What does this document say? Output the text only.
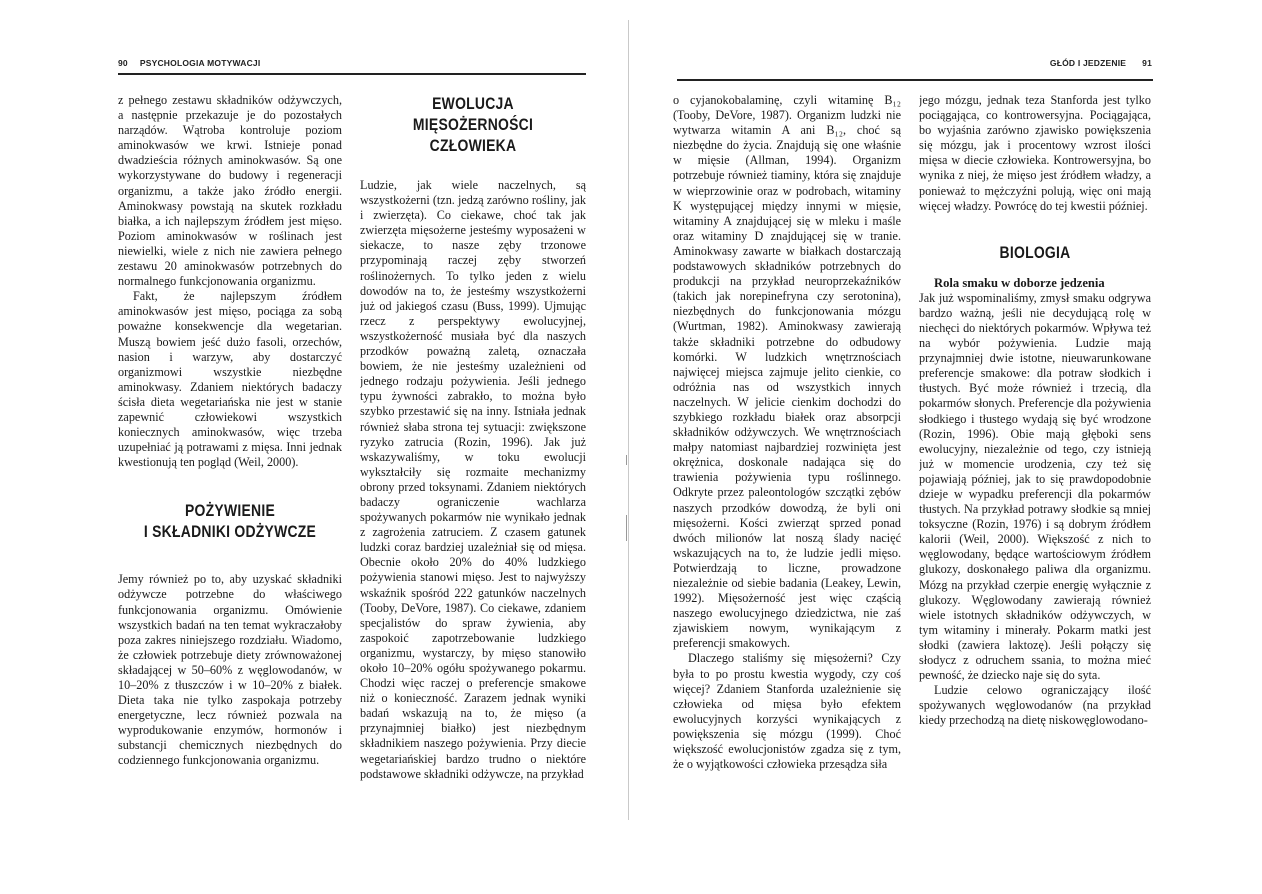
90 PSYCHOLOGIA MOTYWACJI

z pełnego zestawu składników odżywczych, a następnie przekazuje je do pozostałych narządów. Wątroba kontroluje poziom aminokwasów we krwi. Istnieje ponad dwadzieścia różnych aminokwasów. Są one wykorzystywane do budowy i regeneracji organizmu, a także jako źródło energii. Aminokwasy powstają na skutek rozkładu białka, a ich najlepszym źródłem jest mięso. Poziom aminokwasów w roślinach jest niewielki, wiele z nich nie zawiera pełnego zestawu 20 aminokwasów potrzebnych do normalnego funkcjonowania organizmu.

Fakt, że najlepszym źródłem aminokwasów jest mięso, pociąga za sobą poważne konsekwencje dla wegetarian. Muszą bowiem jeść dużo fasoli, orzechów, nasion i warzyw, aby dostarczyć organizmowi wszystkie niezbędne aminokwasy. Zdaniem niektórych badaczy ścisła dieta wegetariańska nie jest w stanie zapewnić człowiekowi wszystkich koniecznych aminokwasów, więc trzeba uzupełniać ją potrawami z mięsa. Inni jednak kwestionują ten pogląd (Weil, 2000).

POŻYWIENIE
I SKŁADNIKI ODŻYWCZE

Jemy również po to, aby uzyskać składniki odżywcze potrzebne do właściwego funkcjonowania organizmu. Omówienie wszystkich badań na ten temat wykraczałoby poza zakres niniejszego rozdziału. Wiadomo, że człowiek potrzebuje diety zrównoważonej składającej w 50–60% z węglowodanów, w 10–20% z tłuszczów i w 10–20% z białek. Dieta taka nie tylko zaspokaja potrzeby energetyczne, lecz również pozwala na wyprodukowanie enzymów, hormonów i substancji chemicznych niezbędnych do codziennego funkcjonowania organizmu.

EWOLUCJA
MIĘSOŻERNOŚCI CZŁOWIEKA

Ludzie, jak wiele naczelnych, są wszystkożerni (tzn. jedzą zarówno rośliny, jak i zwierzęta). Co ciekawe, choć tak jak zwierzęta mięsożerne jesteśmy wyposażeni w siekacze, to nasze zęby trzonowe przypominają raczej zęby stworzeń roślinożernych. To tylko jeden z wielu dowodów na to, że jesteśmy wszystkożerni już od jakiegoś czasu (Buss, 1999). Ujmując rzecz z perspektywy ewolucyjnej, wszystkożerność musiała być dla naszych przodków poważną zaletą, oznaczała bowiem, że nie jesteśmy uzależnieni od jednego rodzaju pożywienia. Jeśli jednego typu żywności zabrakło, to można było szybko przestawić się na inny. Istniała jednak również słaba strona tej sytuacji: zwiększone ryzyko zatrucia (Rozin, 1996). Jak już wskazywaliśmy, w toku ewolucji wykształciły się rozmaite mechanizmy obrony przed toksynami. Zdaniem niektórych badaczy ograniczenie wachlarza spożywanych pokarmów nie wynikało jednak z zagrożenia zatruciem. Z czasem gatunek ludzki coraz bardziej uzależniał się od mięsa. Obecnie około 20% do 40% ludzkiego pożywienia stanowi mięso. Jest to najwyższy wskaźnik spośród 222 gatunków naczelnych (Tooby, DeVore, 1987). Co ciekawe, zdaniem specjalistów do spraw żywienia, aby zaspokoić zapotrzebowanie ludzkiego organizmu, wystarczy, by mięso stanowiło około 10–20% ogółu spożywanego pokarmu. Chodzi więc raczej o preferencje smakowe niż o konieczność. Zarazem jednak wyniki badań wskazują na to, że mięso (a przynajmniej białko) jest niezbędnym składnikiem naszego pożywienia. Przy diecie wegetariańskiej bardzo trudno o niektóre podstawowe składniki odżywcze, na przykład

GŁÓD I JEDZENIE 91

o cyjanokobalaminę, czyli witaminę B₁₂ (Tooby, DeVore, 1987). Organizm ludzki nie wytwarza witamin A ani B₁₂, choć są niezbędne do życia. Znajdują się one właśnie w mięsie (Allman, 1994). Organizm potrzebuje również tiaminy, która się znajduje w wieprzowinie oraz w podrobach, witaminy K występującej między innymi w mięsie, witaminy A znajdującej się w mleku i maśle oraz witaminy D znajdującej się w tranie. Aminokwasy zawarte w białkach dostarczają podstawowych składników potrzebnych do produkcji na przykład neuroprzekaźników (takich jak norepinefryna czy serotonina), niezbędnych do funkcjonowania mózgu (Wurtman, 1982). Aminokwasy zawierają także składniki potrzebne do odbudowy komórki. W ludzkich wnętrznościach najwięcej miejsca zajmuje jelito cienkie, co odróżnia nas od wszystkich innych naczelnych. W jelicie cienkim dochodzi do szybkiego rozkładu białek oraz absorpcji składników odżywczych. We wnętrznościach małpy natomiast najbardziej rozwinięta jest okrężnica, doskonale nadająca się do trawienia pożywienia typu roślinnego. Odkryte przez paleontologów szczątki zębów naszych przodków dowodzą, że byli oni mięsożerni. Kości zwierząt sprzed ponad dwóch milionów lat noszą ślady nacięć wskazujących na to, że ludzie jedli mięso. Potwierdzają to liczne, prowadzone niezależnie od siebie badania (Leakey, Lewin, 1992). Mięsożerność jest więc cząścią naszego ewolucyjnego dziedzictwa, nie zaś zjawiskiem nowym, wynikającym z preferencji smakowych.

Dlaczego staliśmy się mięsożerni? Czy była to po prostu kwestia wygody, czy coś więcej? Zdaniem Stanforda uzależnienie się człowieka od mięsa było efektem ewolucyjnych korzyści wynikających z powiększenia się mózgu (1999). Choć większość ewolucjonistów zgadza się z tym, że o wyjątkowości człowieka przesądza siła

jego mózgu, jednak teza Stanforda jest tylko pociągająca, co kontrowersyjna. Pociągająca, bo wyjaśnia zarówno zjawisko powiększenia się mózgu, jak i procentowy wzrost ilości mięsa w diecie człowieka. Kontrowersyjna, bo wynika z niej, że mięso jest źródłem władzy, a ponieważ to mężczyźni polują, więc oni mają więcej władzy. Powrócę do tej kwestii później.

BIOLOGIA

Rola smaku w doborze jedzenia

Jak już wspominaliśmy, zmysł smaku odgrywa bardzo ważną, jeśli nie decydującą rolę w niechęci do niektórych pokarmów. Wpływa też na wybór pożywienia. Ludzie mają przynajmniej dwie istotne, nieuwarunkowane preferencje smakowe: dla potraw słodkich i tłustych. Być może również i trzecią, dla pokarmów słonych. Preferencje dla pożywienia słodkiego i tłustego wydają się być wrodzone (Rozin, 1996). Obie mają głęboki sens ewolucyjny, niezależnie od tego, czy istnieją już w momencie urodzenia, czy też się pojawiają później, jak to się prawdopodobnie dzieje w wypadku preferencji dla pokarmów tłustych. Na przykład potrawy słodkie są mniej toksyczne (Rozin, 1976) i są dobrym źródłem kalorii (Weil, 2000). Większość z nich to węglowodany, będące wartościowym źródłem glukozy, doskonałego paliwa dla organizmu. Mózg na przykład czerpie energię wyłącznie z glukozy. Węglowodany zawierają również wiele istotnych składników odżywczych, w tym witaminy i minerały. Pokarm matki jest słodki (zawiera laktozę). Jeśli połączy się słodycz z odruchem ssania, to można mieć pewność, że dziecko naje się do syta.

Ludzie celowo ograniczający ilość spożywanych węglowodanów (na przykład kiedy przechodzą na dietę niskowęglowodano-
